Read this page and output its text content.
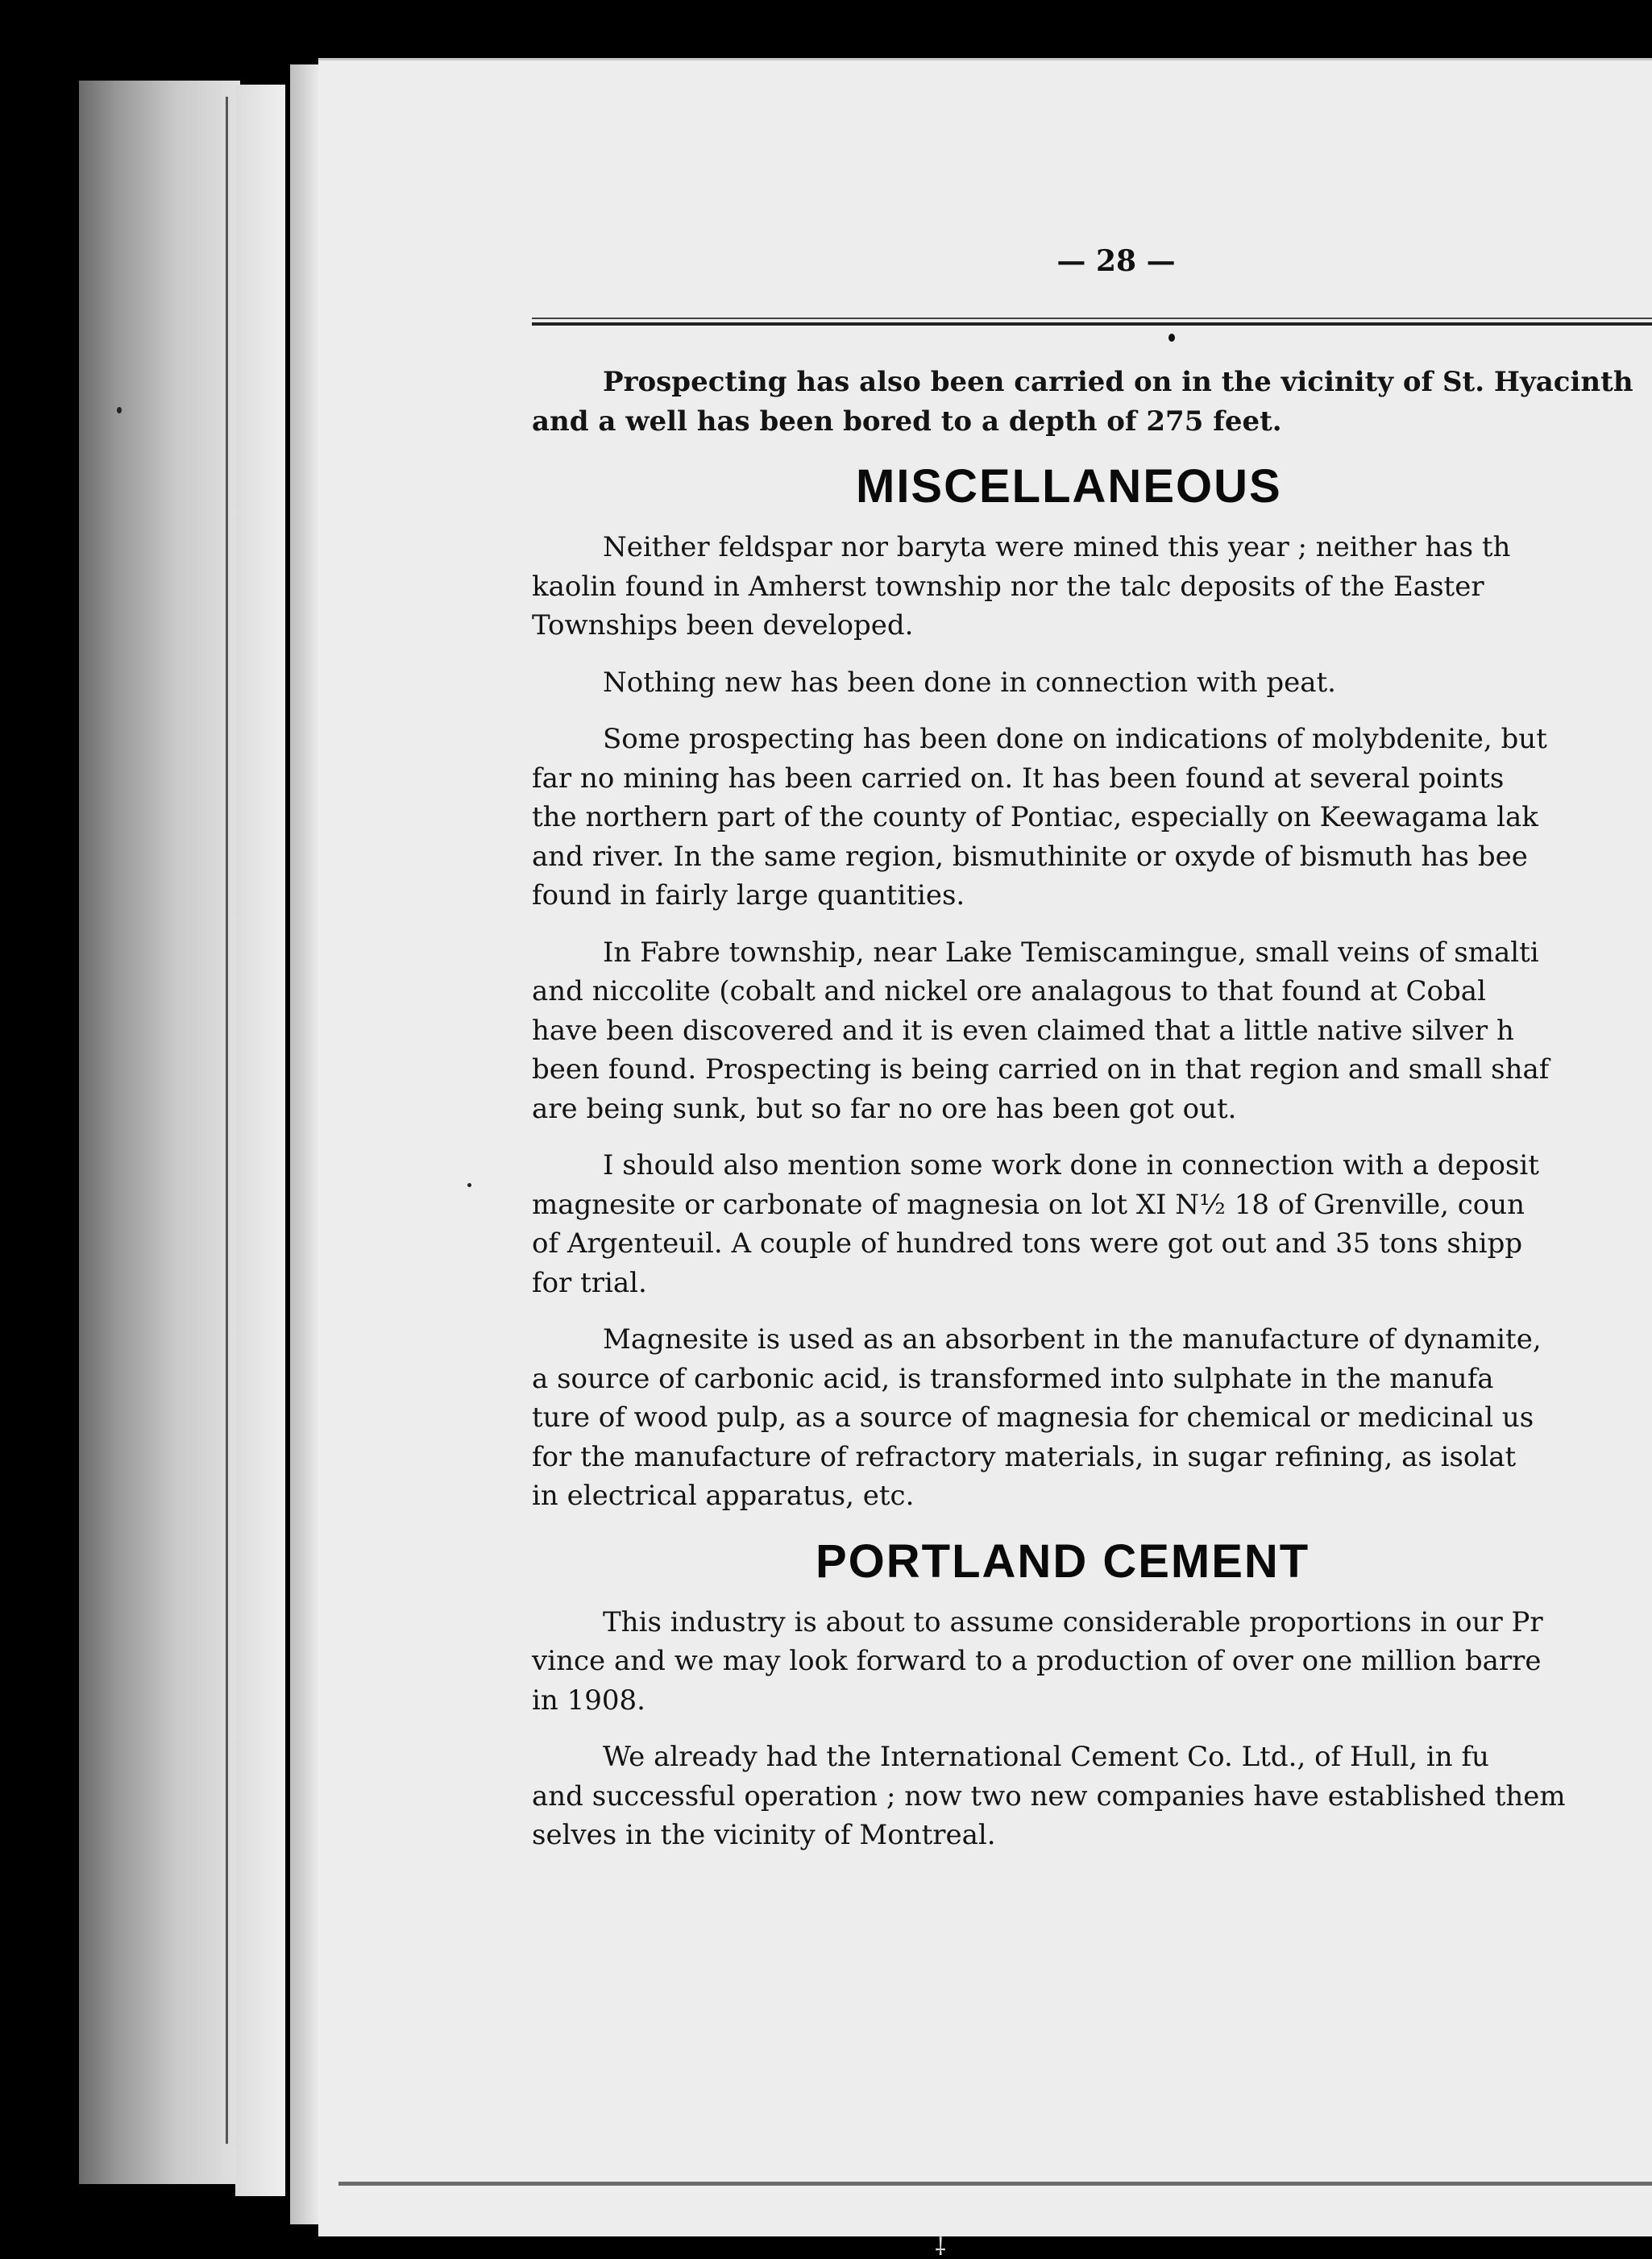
— 28 —
Prospecting has also been carried on in the vicinity of St. Hyacinth
and a well has been bored to a depth of 275 feet.
MISCELLANEOUS
Neither feldspar nor baryta were mined this year ; neither has th
kaolin found in Amherst township nor the talc deposits of the Easter
Townships been developed.
Nothing new has been done in connection with peat.
Some prospecting has been done on indications of molybdenite, but
far no mining has been carried on. It has been found at several points
the northern part of the county of Pontiac, especially on Keewagama lak
and river. In the same region, bismuthinite or oxyde of bismuth has bee
found in fairly large quantities.
In Fabre township, near Lake Temiscamingue, small veins of smalti
and niccolite (cobalt and nickel ore analagous to that found at Cobal
have been discovered and it is even claimed that a little native silver h
been found. Prospecting is being carried on in that region and small shaf
are being sunk, but so far no ore has been got out.
I should also mention some work done in connection with a deposit
magnesite or carbonate of magnesia on lot XI N½ 18 of Grenville, coun
of Argenteuil. A couple of hundred tons were got out and 35 tons shipp
for trial.
Magnesite is used as an absorbent in the manufacture of dynamite,
a source of carbonic acid, is transformed into sulphate in the manufa
ture of wood pulp, as a source of magnesia for chemical or medicinal us
for the manufacture of refractory materials, in sugar refining, as isolat
in electrical apparatus, etc.
PORTLAND CEMENT
This industry is about to assume considerable proportions in our Pr
vince and we may look forward to a production of over one million barre
in 1908.
We already had the International Cement Co. Ltd., of Hull, in fu
and successful operation ; now two new companies have established them
selves in the vicinity of Montreal.
⸸
